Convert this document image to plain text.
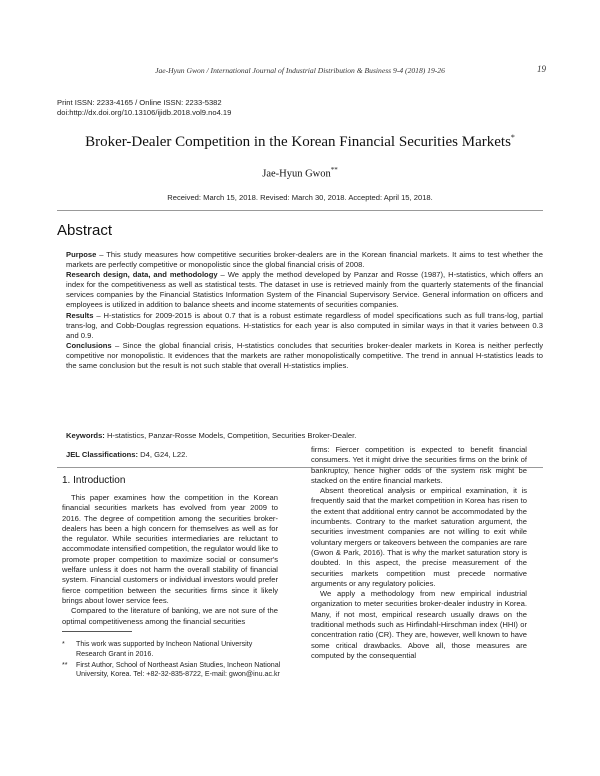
Jae-Hyun Gwon / International Journal of Industrial Distribution & Business 9-4 (2018) 19-26	19
Print ISSN: 2233-4165 / Online ISSN: 2233-5382
doi:http://dx.doi.org/10.13106/ijidb.2018.vol9.no4.19
Broker-Dealer Competition in the Korean Financial Securities Markets*
Jae-Hyun Gwon**
Received: March 15, 2018. Revised: March 30, 2018. Accepted: April 15, 2018.
Abstract

Purpose – This study measures how competitive securities broker-dealers are in the Korean financial markets. It aims to test whether the markets are perfectly competitive or monopolistic since the global financial crisis of 2008.

Research design, data, and methodology – We apply the method developed by Panzar and Rosse (1987), H-statistics, which offers an index for the competitiveness as well as statistical tests. The dataset in use is retrieved mainly from the quarterly statements of the financial services companies by the Financial Statistics Information System of the Financial Supervisory Service. General information on officers and employees is utilized in addition to balance sheets and income statements of securities companies.

Results – H-statistics for 2009-2015 is about 0.7 that is a robust estimate regardless of model specifications such as full trans-log, partial trans-log, and Cobb-Douglas regression equations. H-statistics for each year is also computed in similar ways in that it varies between 0.3 and 0.9.

Conclusions – Since the global financial crisis, H-statistics concludes that securities broker-dealer markets in Korea is neither perfectly competitive nor monopolistic. It evidences that the markets are rather monopolistically competitive. The trend in annual H-statistics leads to the same conclusion but the result is not such stable that overall H-statistics implies.

Keywords: H-statistics, Panzar-Rosse Models, Competition, Securities Broker-Dealer.
JEL Classifications: D4, G24, L22.
1. Introduction

This paper examines how the competition in the Korean financial securities markets has evolved from year 2009 to 2016. The degree of competition among the securities broker-dealers has been a high concern for themselves as well as for the regulator. While securities intermediaries are reluctant to accommodate intensified competition, the regulator would like to promote proper competition to maximize social or consumer's welfare unless it does not harm the overall stability of financial system. Financial customers or individual investors would prefer fierce competition between the securities firms since it likely brings about lower service fees.

Compared to the literature of banking, we are not sure of the optimal competitiveness among the financial securities

*	This work was supported by Incheon National University Research Grant in 2016.
**	First Author, School of Northeast Asian Studies, Incheon National University, Korea. Tel: +82-32-835-8722, E-mail: gwon@inu.ac.kr

firms: Fiercer competition is expected to benefit financial consumers. Yet it might drive the securities firms on the brink of bankruptcy, hence higher odds of the system risk might be stacked on the entire financial markets.

Absent theoretical analysis or empirical examination, it is frequently said that the market competition in Korea has risen to the extent that additional entry cannot be accommodated by the incumbents. Contrary to the market saturation argument, the securities investment companies are not willing to exit while voluntary mergers or takeovers between the companies are rare (Gwon & Park, 2016). That is why the market saturation story is doubted. In this aspect, the precise measurement of the securities markets competition must precede normative arguments or any regulatory policies.

We apply a methodology from new empirical industrial organization to meter securities broker-dealer industry in Korea. Many, if not most, empirical research usually draws on the traditional methods such as Hirfindahl-Hirschman index (HHI) or concentration ratio (CR). They are, however, well known to have some critical drawbacks. Above all, those measures are computed by the consequential
